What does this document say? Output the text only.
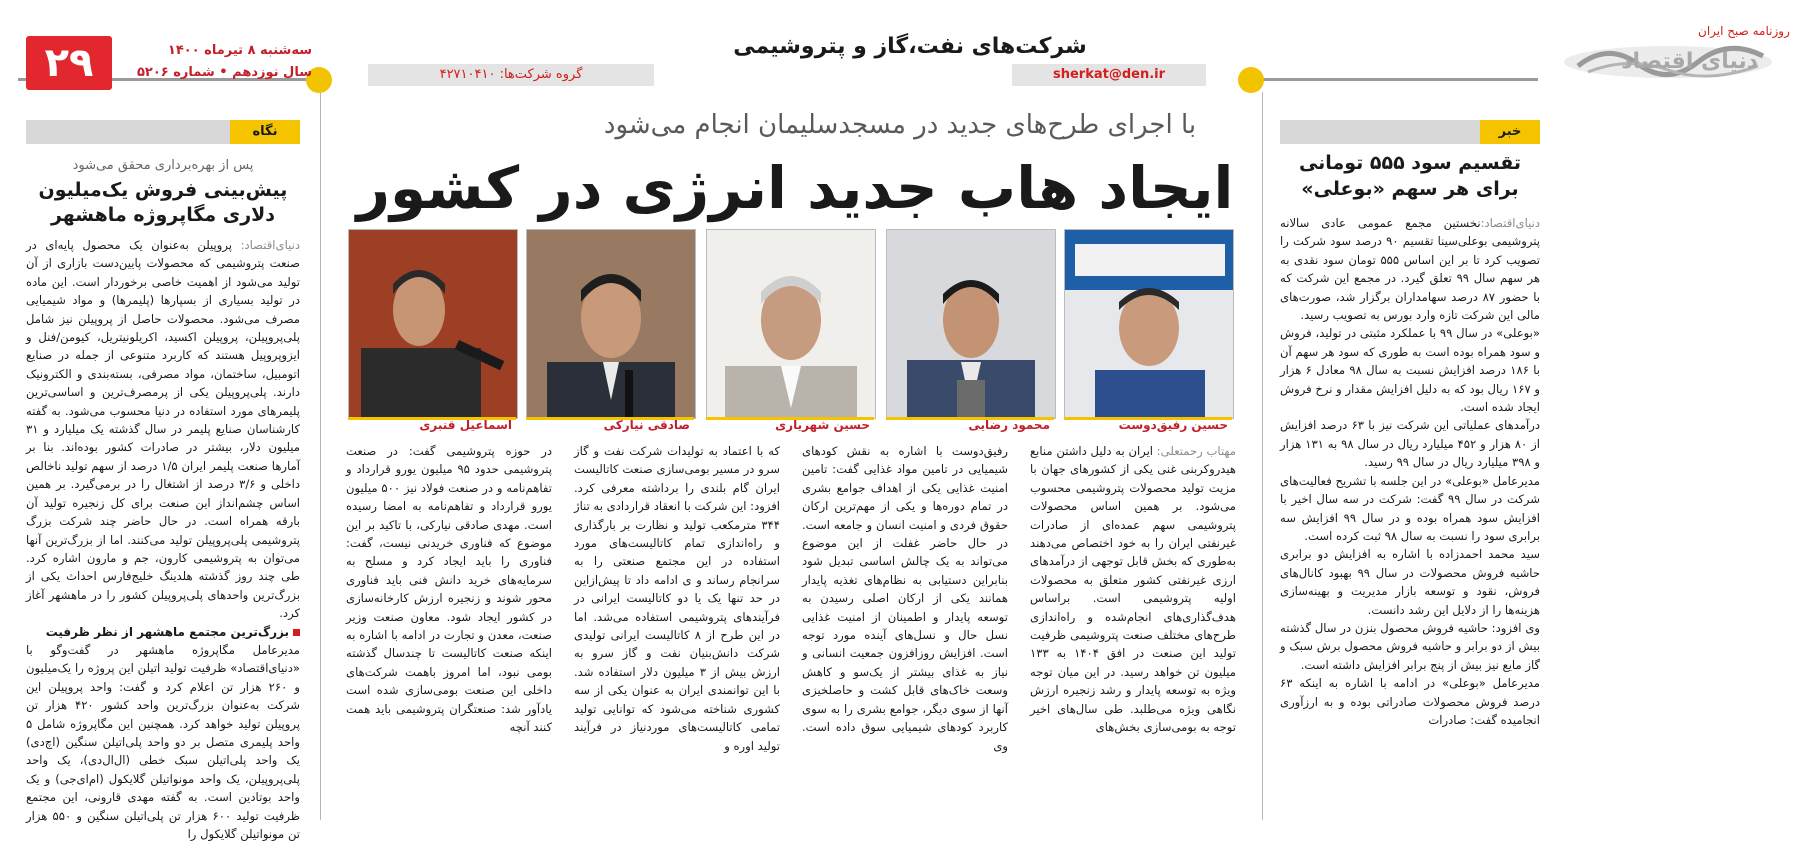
روزنامه صبح ایران
دنیای اقتصاد
شرکت‌های نفت،گاز و پتروشیمی
sherkat@den.ir
گروه شرکت‌ها: ۴۲۷۱۰۴۱۰
سه‌شنبه ۸ تیرماه ۱۴۰۰
سال نوزدهم • شماره ۵۲۰۶
۲۹
خبر
تقسیم سود ۵۵۵ تومانی برای هر سهم «بوعلی»

دنیای‌اقتصاد:نخستین مجمع عمومی عادی سالانه پتروشیمی بوعلی‌سینا تقسیم ۹۰ درصد سود شرکت را تصویب کرد تا بر این اساس ۵۵۵ تومان سود نقدی به هر سهم سال ۹۹ تعلق گیرد. در مجمع این شرکت که با حضور ۸۷ درصد سهامداران برگزار شد، صورت‌های مالی این شرکت تازه وارد بورس به تصویب رسید.

«بوعلی» در سال ۹۹ با عملکرد مثبتی در تولید، فروش و سود همراه بوده است به طوری که سود هر سهم آن با ۱۸۶ درصد افزایش نسبت به سال ۹۸ معادل ۶ هزار و ۱۶۷ ریال بود که به دلیل افزایش مقدار و نرخ فروش ایجاد شده است.

درآمدهای عملیاتی این شرکت نیز با ۶۳ درصد افزایش از ۸۰ هزار و ۴۵۲ میلیارد ریال در سال ۹۸ به ۱۳۱ هزار و ۳۹۸ میلیارد ریال در سال ۹۹ رسید.

مدیرعامل «بوعلی» در این جلسه با تشریح فعالیت‌های شرکت در سال ۹۹ گفت: شرکت در سه سال اخیر با افزایش سود همراه بوده و در سال ۹۹ افزایش سه برابری سود را نسبت به سال ۹۸ ثبت کرده است.

سید محمد احمدزاده با اشاره به افزایش دو برابری حاشیه فروش محصولات در سال ۹۹ بهبود کانال‌های فروش، نقود و توسعه بازار مدیریت و بهینه‌سازی هزینه‌ها را از دلایل این رشد دانست.

وی افزود: حاشیه فروش محصول بنزن در سال گذشته بیش از دو برابر و حاشیه فروش محصول برش سبک و گاز مایع نیز بیش از پنج برابر افزایش داشته است.

مدیرعامل «بوعلی» در ادامه با اشاره به اینکه ۶۳ درصد فروش محصولات صادراتی بوده و به ارزآوری انجامیده گفت: صادرات

با اجرای طرح‌های جدید در مسجدسلیمان انجام می‌شود
ایجاد هاب جدید انرژی در کشور
حسین رفیق‌دوست
محمود رضایی
حسین شهریاری
صادقی نیارکی
اسماعیل قنبری

مهتاب رحمتعلی: ایران به دلیل داشتن منابع هیدروکربنی غنی یکی از کشورهای جهان با مزیت تولید محصولات پتروشیمی محسوب می‌شود. بر همین اساس محصولات پتروشیمی سهم عمده‌ای از صادرات غیرنفتی ایران را به خود اختصاص می‌دهند به‌طوری که بخش قابل توجهی از درآمدهای ارزی غیرنفتی کشور متعلق به محصولات اولیه پتروشیمی است. براساس هدف‌گذاری‌های انجام‌شده و راه‌اندازی طرح‌های مختلف صنعت پتروشیمی ظرفیت تولید این صنعت در افق ۱۴۰۴ به ۱۳۳ میلیون تن خواهد رسید. در این میان توجه ویژه به توسعه پایدار و رشد زنجیره ارزش نگاهی ویژه می‌طلبد. طی سال‌های اخیر توجه به بومی‌سازی بخش‌های

رفیق‌دوست با اشاره به نقش کودهای شیمیایی در تامین مواد غذایی گفت: تامین امنیت غذایی یکی از اهداف جوامع بشری در تمام دوره‌ها و یکی از مهم‌ترین ارکان حقوق فردی و امنیت انسان و جامعه است. در حال حاضر غفلت از این موضوع می‌تواند به یک چالش اساسی تبدیل شود بنابراین دستیابی به نظام‌های تغذیه پایدار همانند یکی از ارکان اصلی رسیدن به توسعه پایدار و اطمینان از امنیت غذایی نسل حال و نسل‌های آینده مورد توجه است. افزایش روزافزون جمعیت انسانی و نیاز به غذای بیشتر از یک‌سو و کاهش وسعت خاک‌های قابل کشت و حاصلخیزی آنها از سوی دیگر، جوامع بشری را به سوی کاربرد کودهای شیمیایی سوق داده است. وی

که با اعتماد به تولیدات شرکت نفت و گاز سرو در مسیر بومی‌سازی صنعت کاتالیست ایران گام بلندی را برداشته معرفی کرد. افزود: این شرکت با انعقاد قراردادی به تناژ ۳۴۴ مترمکعب تولید و نظارت بر بارگذاری و راه‌اندازی تمام کاتالیست‌های مورد استفاده در این مجتمع صنعتی را به سرانجام رساند و ی ادامه داد تا پیش‌ازاین در حد تنها یک یا دو کاتالیست ایرانی در فرآیندهای پتروشیمی استفاده می‌شد. اما در این طرح از ۸ کاتالیست ایرانی تولیدی شرکت دانش‌بنیان نفت و گاز سرو به ارزش بیش از ۳ میلیون دلار استفاده شد. با این توانمندی ایران به عنوان یکی از سه کشوری شناخته می‌شود که توانایی تولید تمامی کاتالیست‌های موردنیاز در فرآیند تولید اوره و

در حوزه پتروشیمی گفت: در صنعت پتروشیمی حدود ۹۵ میلیون یورو قرارداد و تفاهم‌نامه و در صنعت فولاد نیز ۵۰۰ میلیون یورو قرارداد و تفاهم‌نامه به امضا رسیده است. مهدی صادقی نیارکی، با تاکید بر این موضوع که فناوری خریدنی نیست، گفت: فناوری را باید ایجاد کرد و مسلح به سرمایه‌های خرید دانش فنی باید فناوری محور شوند و زنجیره ارزش کارخانه‌سازی در کشور ایجاد شود. معاون صنعت وزیر صنعت، معدن و تجارت در ادامه با اشاره به اینکه صنعت کاتالیست تا چندسال گذشته بومی نبود، اما امروز باهمت شرکت‌های داخلی این صنعت بومی‌سازی شده است یادآور شد: صنعتگران پتروشیمی باید همت کنند آنچه

نگاه
پس از بهره‌برداری محقق می‌شود
پیش‌بینی فروش یک‌میلیون دلاری مگاپروژه ماهشهر

دنیای‌اقتصاد: پروپیلن به‌عنوان یک محصول پایه‌ای در صنعت پتروشیمی که محصولات پایین‌دست بازاری از آن تولید می‌شود از اهمیت خاصی برخوردار است. این ماده در تولید بسیاری از بسپارها (پلیمرها) و مواد شیمیایی مصرف می‌شود. محصولات حاصل از پروپیلن نیز شامل پلی‌پروپیلن، پروپیلن اکسید، اکریلونیتریل، کیومن/فنل و ایزوپروپیل هستند که کاربرد متنوعی از جمله در صنایع اتومبیل، ساختمان، مواد مصرفی، بسته‌بندی و الکترونیک دارند. پلی‌پروپیلن یکی از پرمصرف‌ترین و اساسی‌ترین پلیمرهای مورد استفاده در دنیا محسوب می‌شود. به گفته کارشناسان صنایع پلیمر در سال گذشته یک میلیارد و ۳۱ میلیون دلار، بیشتر در صادرات کشور بوده‌اند. بنا بر آمارها صنعت پلیمر ایران ۱/۵ درصد از سهم تولید ناخالص داخلی و ۳/۶ درصد از اشتغال را در برمی‌گیرد. بر همین اساس چشم‌انداز این صنعت برای کل زنجیره تولید آن بارقه همراه است. در حال حاضر چند شرکت بزرگ پتروشیمی پلی‌پروپیلن تولید می‌کنند. اما از بزرگ‌ترین آنها می‌توان به پتروشیمی کارون، جم و مارون اشاره کرد. طی چند روز گذشته هلدینگ خلیج‌فارس احداث یکی از بزرگ‌ترین واحدهای پلی‌پروپیلن کشور را در ماهشهر آغاز کرد.

بزرگ‌ترین مجتمع ماهشهر از نظر ظرفیت

مدیرعامل مگاپروژه ماهشهر در گفت‌وگو با «دنیای‌اقتصاد» ظرفیت تولید اتیلن این پروژه را یک‌میلیون و ۲۶۰ هزار تن اعلام کرد و گفت: واحد پروپیلن این شرکت به‌عنوان بزرگ‌ترین واحد کشور ۴۲۰ هزار تن پروپیلن تولید خواهد کرد. همچنین این مگاپروژه شامل ۵ واحد پلیمری متصل بر دو واحد پلی‌اتیلن سنگین (اچ‌دی) یک واحد پلی‌اتیلن سبک خطی (ال‌ال‌دی)، یک واحد پلی‌پروپیلن، یک واحد مونواتیلن گلایکول (ام‌ای‌جی) و یک واحد بوتادین است. به گفته مهدی قارونی، این مجتمع ظرفیت تولید ۶۰۰ هزار تن پلی‌اتیلن سنگین و ۵۵۰ هزار تن مونواتیلن گلایکول را
